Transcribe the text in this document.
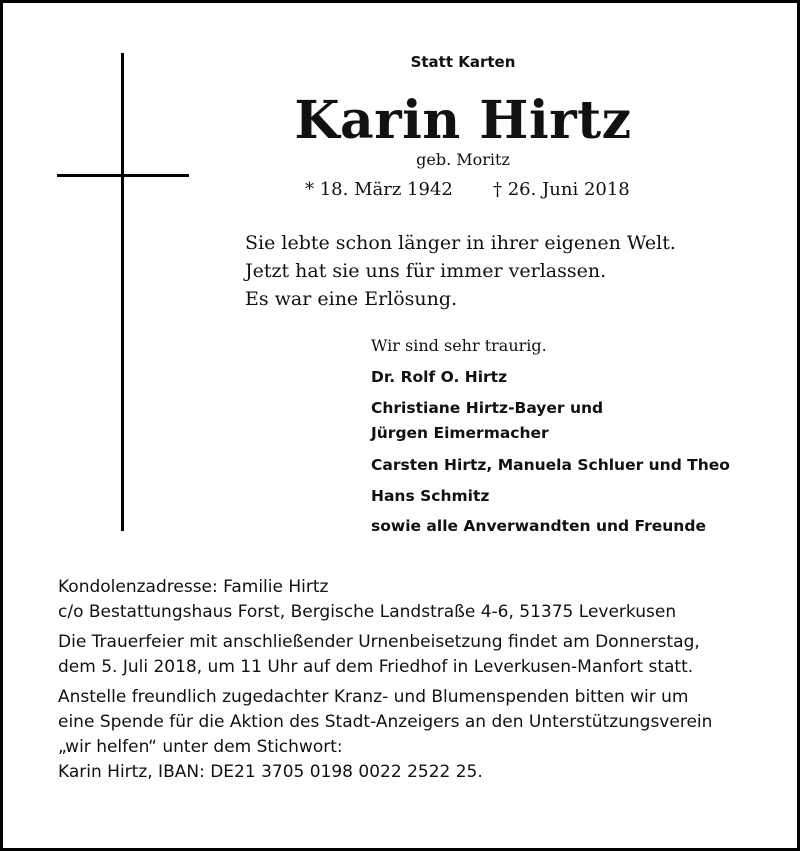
Statt Karten
Karin Hirtz
geb. Moritz
* 18. März 1942 † 26. Juni 2018
Sie lebte schon länger in ihrer eigenen Welt.
Jetzt hat sie uns für immer verlassen.
Es war eine Erlösung.
Wir sind sehr traurig.
Dr. Rolf O. Hirtz
Christiane Hirtz-Bayer und
Jürgen Eimermacher
Carsten Hirtz, Manuela Schluer und Theo
Hans Schmitz
sowie alle Anverwandten und Freunde
Kondolenzadresse: Familie Hirtz
c/o Bestattungshaus Forst, Bergische Landstraße 4-6, 51375 Leverkusen
Die Trauerfeier mit anschließender Urnenbeisetzung findet am Donnerstag,
dem 5. Juli 2018, um 11 Uhr auf dem Friedhof in Leverkusen-Manfort statt.
Anstelle freundlich zugedachter Kranz- und Blumenspenden bitten wir um
eine Spende für die Aktion des Stadt-Anzeigers an den Unterstützungsverein
„wir helfen“ unter dem Stichwort:
Karin Hirtz, IBAN: DE21 3705 0198 0022 2522 25.
